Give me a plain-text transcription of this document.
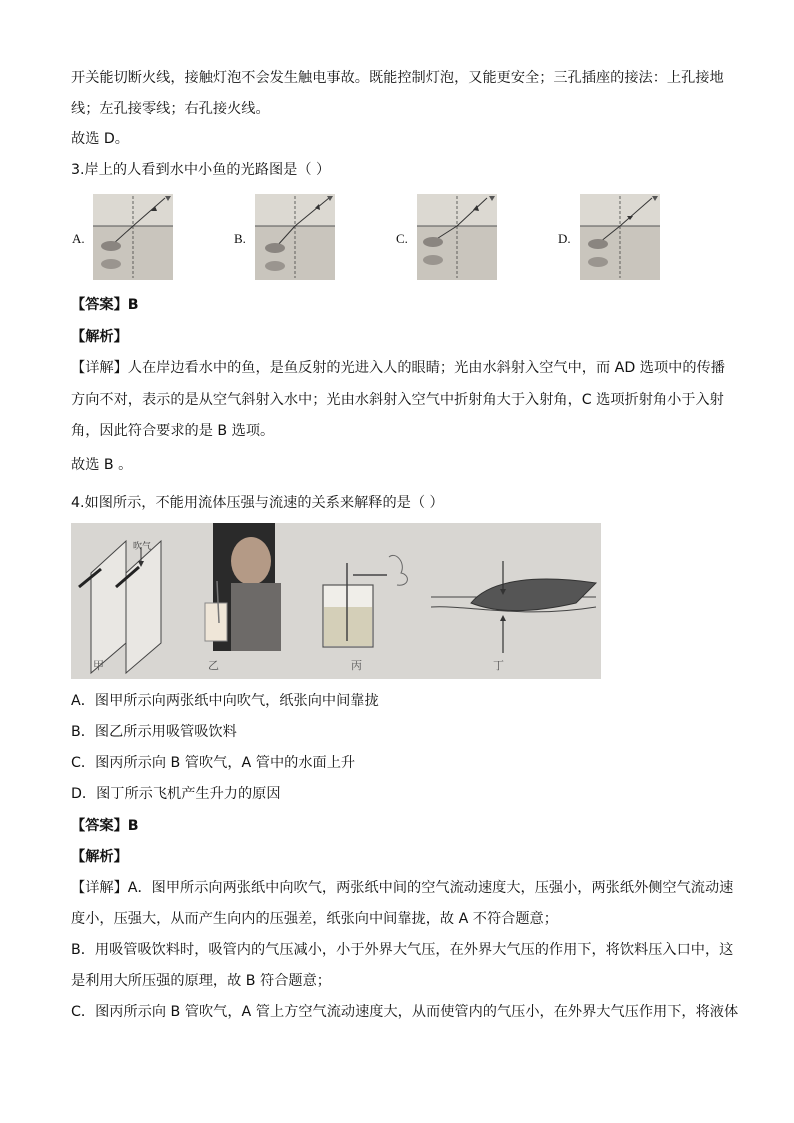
开关能切断火线，接触灯泡不会发生触电事故。既能控制灯泡，又能更安全；三孔插座的接法：上孔接地
线；左孔接零线；右孔接火线。
故选 D。
3.岸上的人看到水中小鱼的光路图是（ ）
A.	B.	C.	D.
【答案】B
【解析】
【详解】人在岸边看水中的鱼，是鱼反射的光进入人的眼睛；光由水斜射入空气中，而 AD 选项中的传播
方向不对，表示的是从空气斜射入水中；光由水斜射入空气中折射角大于入射角，C 选项折射角小于入射
角，因此符合要求的是 B 选项。
故选 B 。
4.如图所示，不能用流体压强与流速的关系来解释的是（ ）
吹气
甲	乙	丙	丁
A．图甲所示向两张纸中向吹气，纸张向中间靠拢
B．图乙所示用吸管吸饮料
C．图丙所示向 B 管吹气，A 管中的水面上升
D．图丁所示飞机产生升力的原因
【答案】B
【解析】
【详解】A．图甲所示向两张纸中向吹气，两张纸中间的空气流动速度大，压强小，两张纸外侧空气流动速
度小，压强大，从而产生向内的压强差，纸张向中间靠拢，故 A 不符合题意；
B．用吸管吸饮料时，吸管内的气压减小，小于外界大气压，在外界大气压的作用下，将饮料压入口中，这
是利用大所压强的原理，故 B 符合题意；
C．图丙所示向 B 管吹气，A 管上方空气流动速度大，从而使管内的气压小，在外界大气压作用下，将液体
